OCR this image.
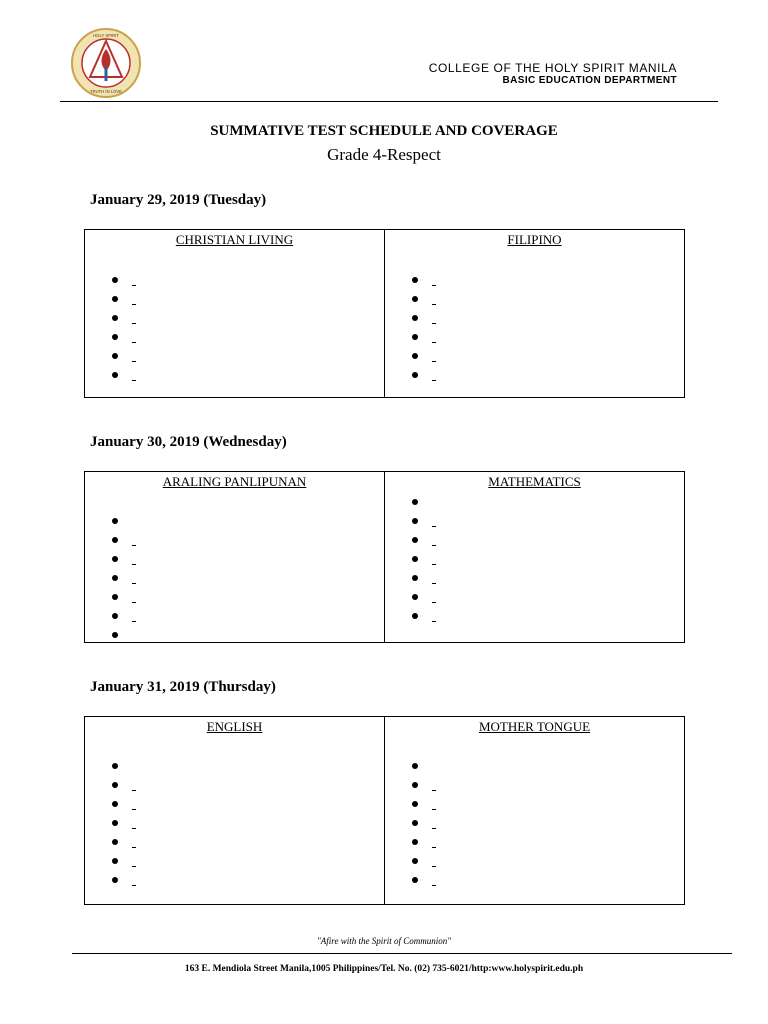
HOLY SPIRIT
TRUTH IN LOVE
COLLEGE OF THE HOLY SPIRIT MANILA
BASIC EDUCATION DEPARTMENT
SUMMATIVE TEST SCHEDULE AND COVERAGE
Grade 4-Respect
January 29, 2019 (Tuesday)
CHRISTIAN LIVING	FILIPINO
January 30, 2019 (Wednesday)
ARALING PANLIPUNAN	MATHEMATICS
January 31, 2019 (Thursday)
ENGLISH	MOTHER TONGUE
"Afire with the Spirit of Communion"
163 E. Mendiola Street Manila,1005 Philippines/Tel. No. (02) 735-6021/http:www.holyspirit.edu.ph
